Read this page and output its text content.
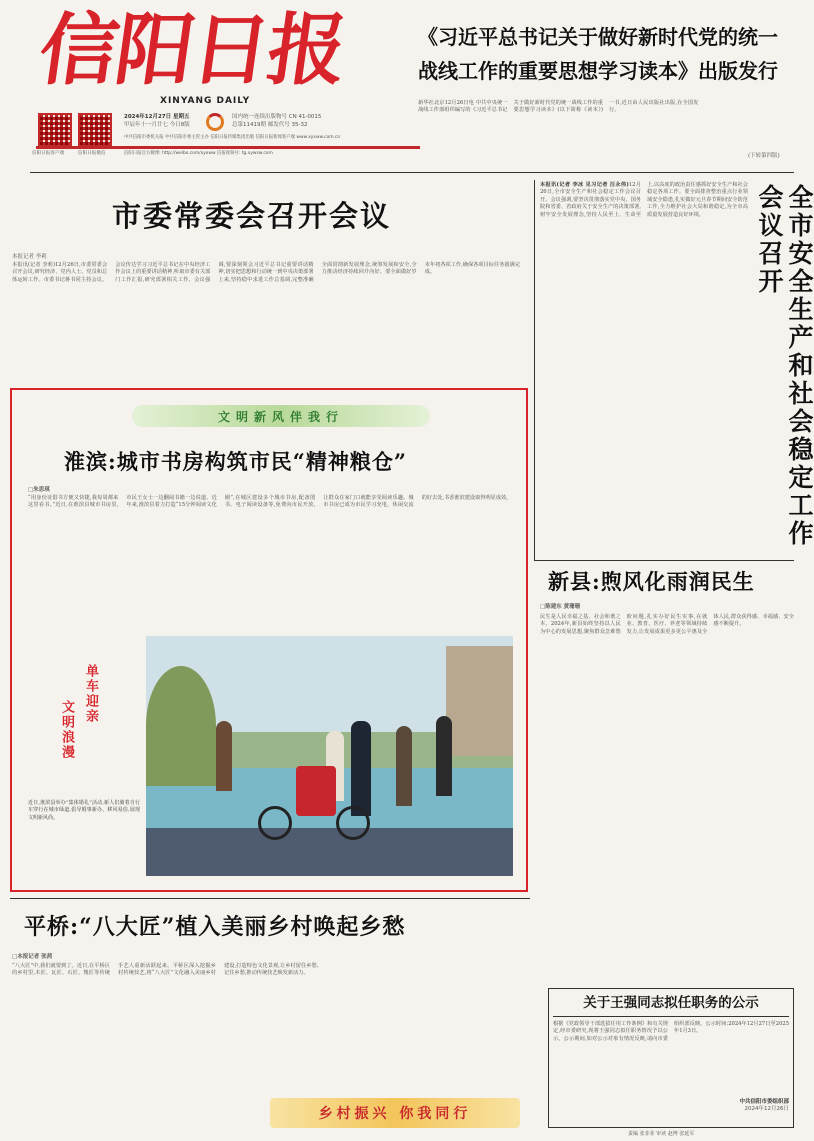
信阳日报
XINYANG DAILY
信阳日报客户端	信阳日报微信
2024年12月27日 星期五
甲辰年十一月廿七 今日8版
国内统一连续出版物号 CN 41-0015
总第11419期 邮发代号 35-32
中共信阳市委机关报 中共信阳市委主管主办 信阳日报传媒集团出版 信阳日报新闻客户端 www.xyxww.com.cn
信阳日报官方微博: http://weibo.com/xyxww 信报视频号: tg.xywsw.com
《习近平总书记关于做好新时代党的统一战线工作的重要思想学习读本》出版发行
新华社北京12月26日电 中共中央统一战线工作部组织编写的《习近平总书记关于做好新时代党的统一战线工作的重要思想学习读本》(以下简称《读本》)一书,近日由人民出版社出版,在全国发行。
(下转第四版)
市委常委会召开会议
本报记者 李莉
本报讯(记者 李莉)12月26日,市委常委会召开会议,研究经济、党内人士、党员和总体运转工作。市委书记蒋书同主持会议。会议传达学习习近平总书记在中央经济工作会议上的重要讲话精神,听取市委有关部门工作汇报,研究部署相关工作。会议强调,要深刻领会习近平总书记重要讲话精神,切实把思想和行动统一到中央决策部署上来,坚持稳中求进工作总基调,完整准确全面贯彻新发展理念,统筹发展和安全,全力推动经济持续回升向好。要全面做好岁末年初各项工作,确保各项目标任务圆满完成。
本报讯(记者 李冰 见习记者 汪永伟)12月26日,全市安全生产和社会稳定工作会议召开。会议强调,要坚决贯彻落实党中央、国务院和省委、省政府关于安全生产的决策部署,树牢安全发展理念,坚持人民至上、生命至上,以高度的政治责任感抓好安全生产和社会稳定各项工作。要全面排查整治重点行业领域安全隐患,扎实做好元旦春节期间安全防范工作,全力维护社会大局和谐稳定,为全市高质量发展营造良好环境。	全市安全生产和社会稳定工作会议召开
文明新风伴我行
淮滨:城市书房构筑市民“精神粮仓”
□朱思琪
“用身份证借书方便又快捷,我每周都来这里看书。”近日,在淮滨县城市书房里,市民王女士一边翻阅书籍一边说道。近年来,淮滨县着力打造“15分钟阅读文化圈”,在城区建设多个城市书房,配备图书、电子阅读设备等,免费向市民开放,让群众在家门口就能享受阅读乐趣。城市书房已成为市民学习充电、休闲交流的好去处,书香淮滨建设取得明显成效。
单车迎亲
文明浪漫
近日,淮滨县举办“集体婚礼”活动,新人们骑着自行车穿行在城市绿道,倡导婚事新办、移风易俗,展现文明新风尚。
新县:煦风化雨润民生
□陈建东 黄珊珊
民生是人民幸福之基、社会和谐之本。2024年,新县始终坚持以人民为中心的发展思想,聚焦群众急难愁盼问题,扎实办好民生实事,在就业、教育、医疗、养老等领域持续发力,让发展成果更多更公平惠及全体人民,群众获得感、幸福感、安全感不断提升。
平桥:“八大匠”植入美丽乡村唤起乡愁
□本报记者 张茜
“八大匠”中,我们就要到了。近日,在平桥区的乡村里,木匠、瓦匠、石匠、篾匠等传统手艺人重新活跃起来。平桥区深入挖掘乡村传统技艺,将“八大匠”文化融入美丽乡村建设,打造特色文化景观,让乡村留住乡愁、记住乡愁,推动传统技艺焕发新活力。
关于王强同志拟任职务的公示
根据《党政领导干部选拔任用工作条例》和有关规定,经市委研究,现将王强同志拟任职务情况予以公示。公示期间,如对公示对象有情况反映,请向市委组织部反映。公示时间:2024年12月27日至2025年1月3日。
中共信阳市委组织部
2024年12月26日
乡村振兴 你我同行
责编 张菲菲 审读 赵博 张延军
